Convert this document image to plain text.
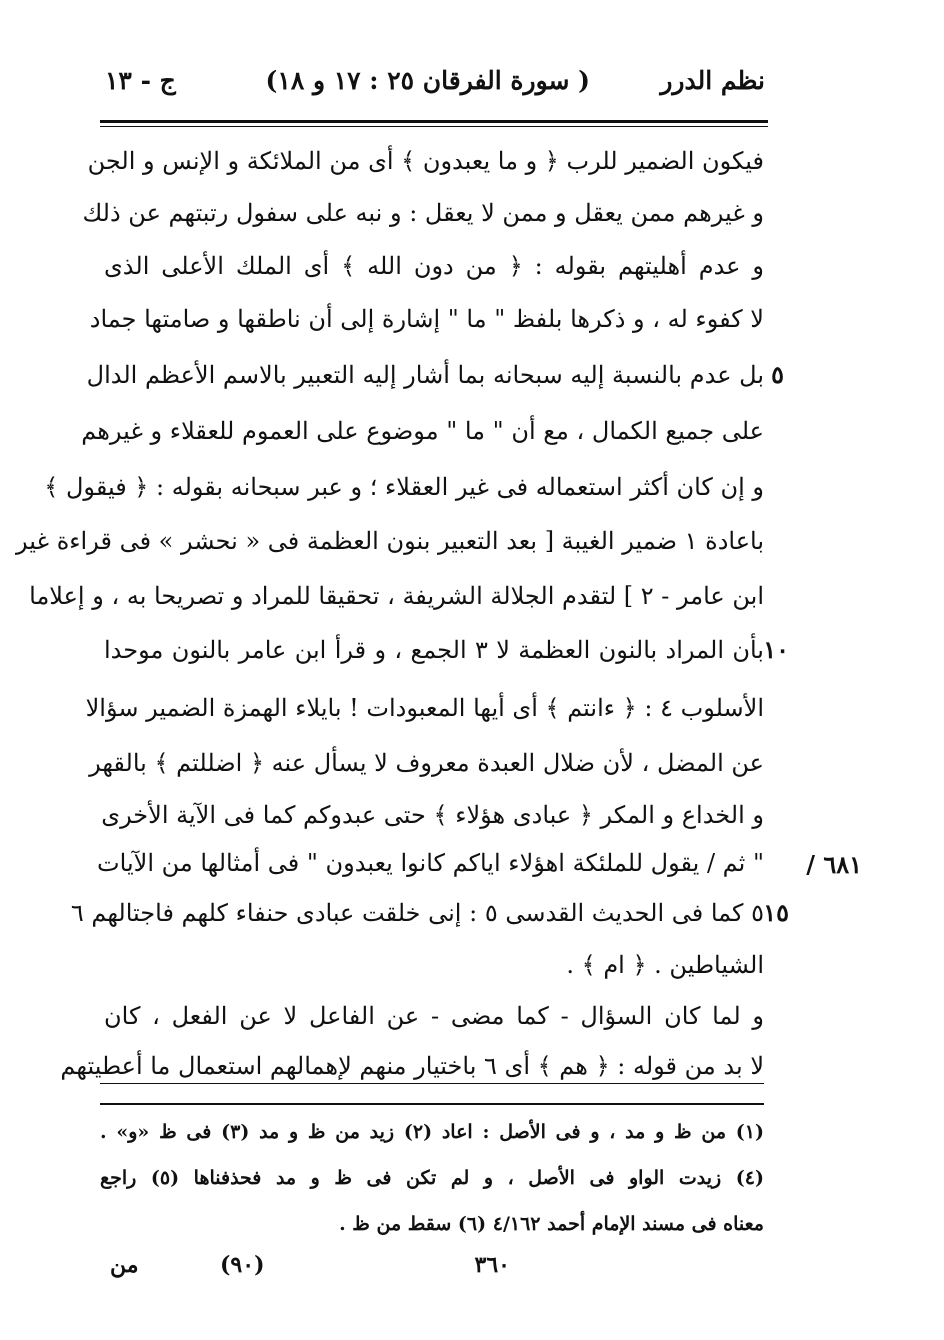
نظم الدرر
( سورة الفرقان ٢٥ : ١٧ و ١٨)
ج - ١٣
فيكون الضمير للرب ﴿ و ما يعبدون ﴾ أى من الملائكة و الإنس و الجن
و غيرهم ممن يعقل و ممن لا يعقل : و نبه على سفول رتبتهم عن ذلك
و عدم أهليتهم بقوله : ﴿ من دون الله ﴾ أى الملك الأعلى الذى
لا كفوء له ، و ذكرها بلفظ " ما " إشارة إلى أن ناطقها و صامتها جماد
بل عدم بالنسبة إليه سبحانه بما أشار إليه التعبير بالاسم الأعظم الدال
على جميع الكمال ، مع أن " ما " موضوع على العموم للعقلاء و غيرهم
و إن كان أكثر استعماله فى غير العقلاء ؛ و عبر سبحانه بقوله : ﴿ فيقول ﴾
باعادة ١ ضمير الغيبة [ بعد التعبير بنون العظمة فى « نحشر » فى قراءة غير
ابن عامر - ٢ ] لتقدم الجلالة الشريفة ، تحقيقا للمراد و تصريحا به ، و إعلاما
بأن المراد بالنون العظمة لا ٣ الجمع ، و قرأ ابن عامر بالنون موحدا
الأسلوب ٤ : ﴿ ءانتم ﴾ أى أيها المعبودات ! بايلاء الهمزة الضمير سؤالا
عن المضل ، لأن ضلال العبدة معروف لا يسأل عنه ﴿ اضللتم ﴾ بالقهر
و الخداع و المكر ﴿ عبادى هؤلاء ﴾ حتى عبدوكم كما فى الآية الأخرى
" ثم / يقول للملئكة اهؤلاء اياكم كانوا يعبدون " فى أمثالها من الآيات
٥ كما فى الحديث القدسى ٥ : إنى خلقت عبادى حنفاء كلهم فاجتالهم ٦
الشياطين . ﴿ ام ﴾ .
و لما كان السؤال - كما مضى - عن الفاعل لا عن الفعل ، كان
لا بد من قوله : ﴿ هم ﴾ أى ٦ باختيار منهم لإهمالهم استعمال ما أعطيتهم
٥
١٠
١٥
/ ٦٨١
(١) من ظ و مد ، و فى الأصل : اعاد (٢) زيد من ظ و مد (٣) فى ظ «و» .
(٤) زيدت الواو فى الأصل ، و لم تكن فى ظ و مد فحذفناها (٥) راجع
معناه فى مسند الإمام أحمد ٤/١٦٢ (٦) سقط من ظ .
٣٦٠
(٩٠)
من
